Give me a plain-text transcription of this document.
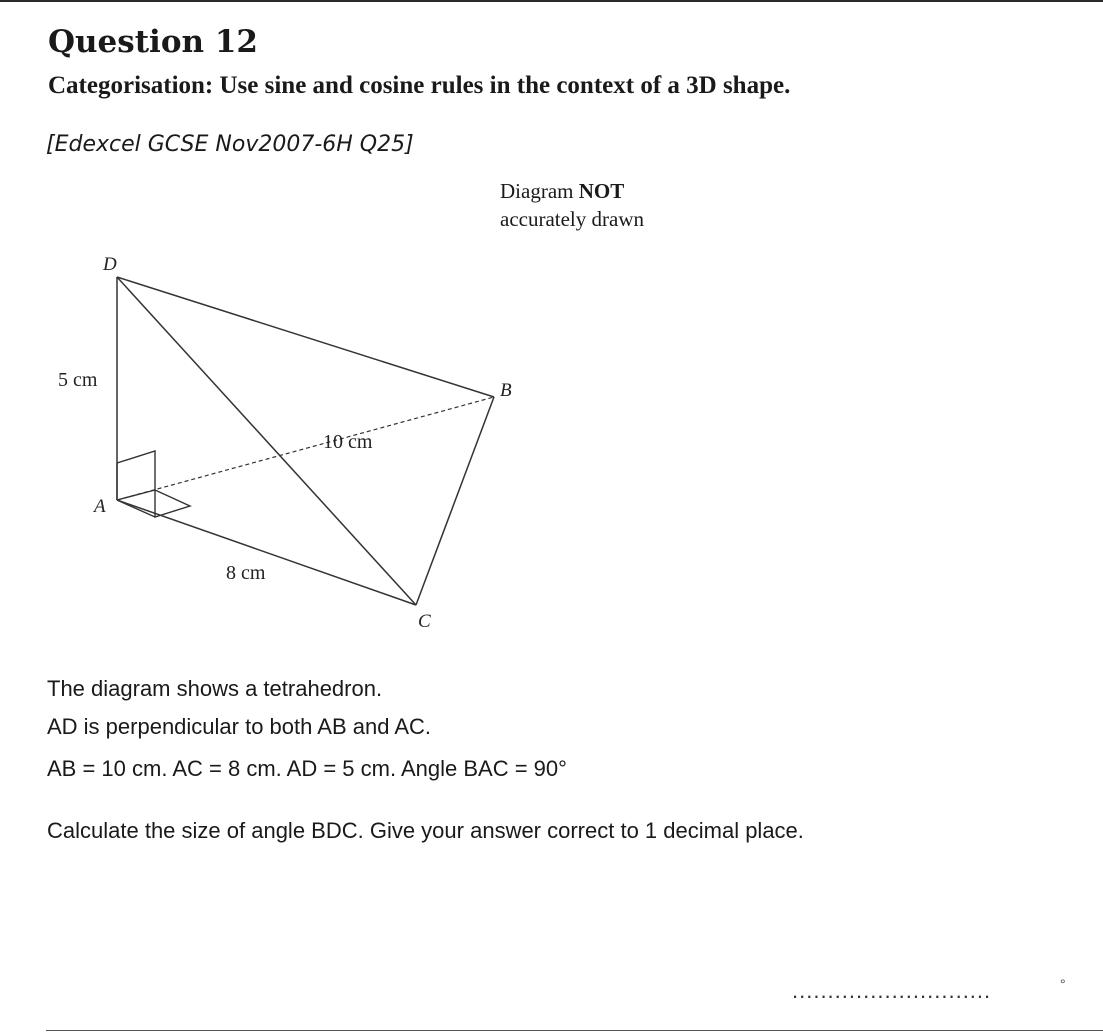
Question 12
Categorisation: Use sine and cosine rules in the context of a 3D shape.
[Edexcel GCSE Nov2007-6H Q25]
Diagram NOT
accurately drawn
D
B
A
C
5 cm
10 cm
8 cm
The diagram shows a tetrahedron.
AD is perpendicular to both AB and AC.
AB = 10 cm. AC = 8 cm. AD = 5 cm. Angle BAC = 90°
Calculate the size of angle BDC. Give your answer correct to 1 decimal place.
............................	°
